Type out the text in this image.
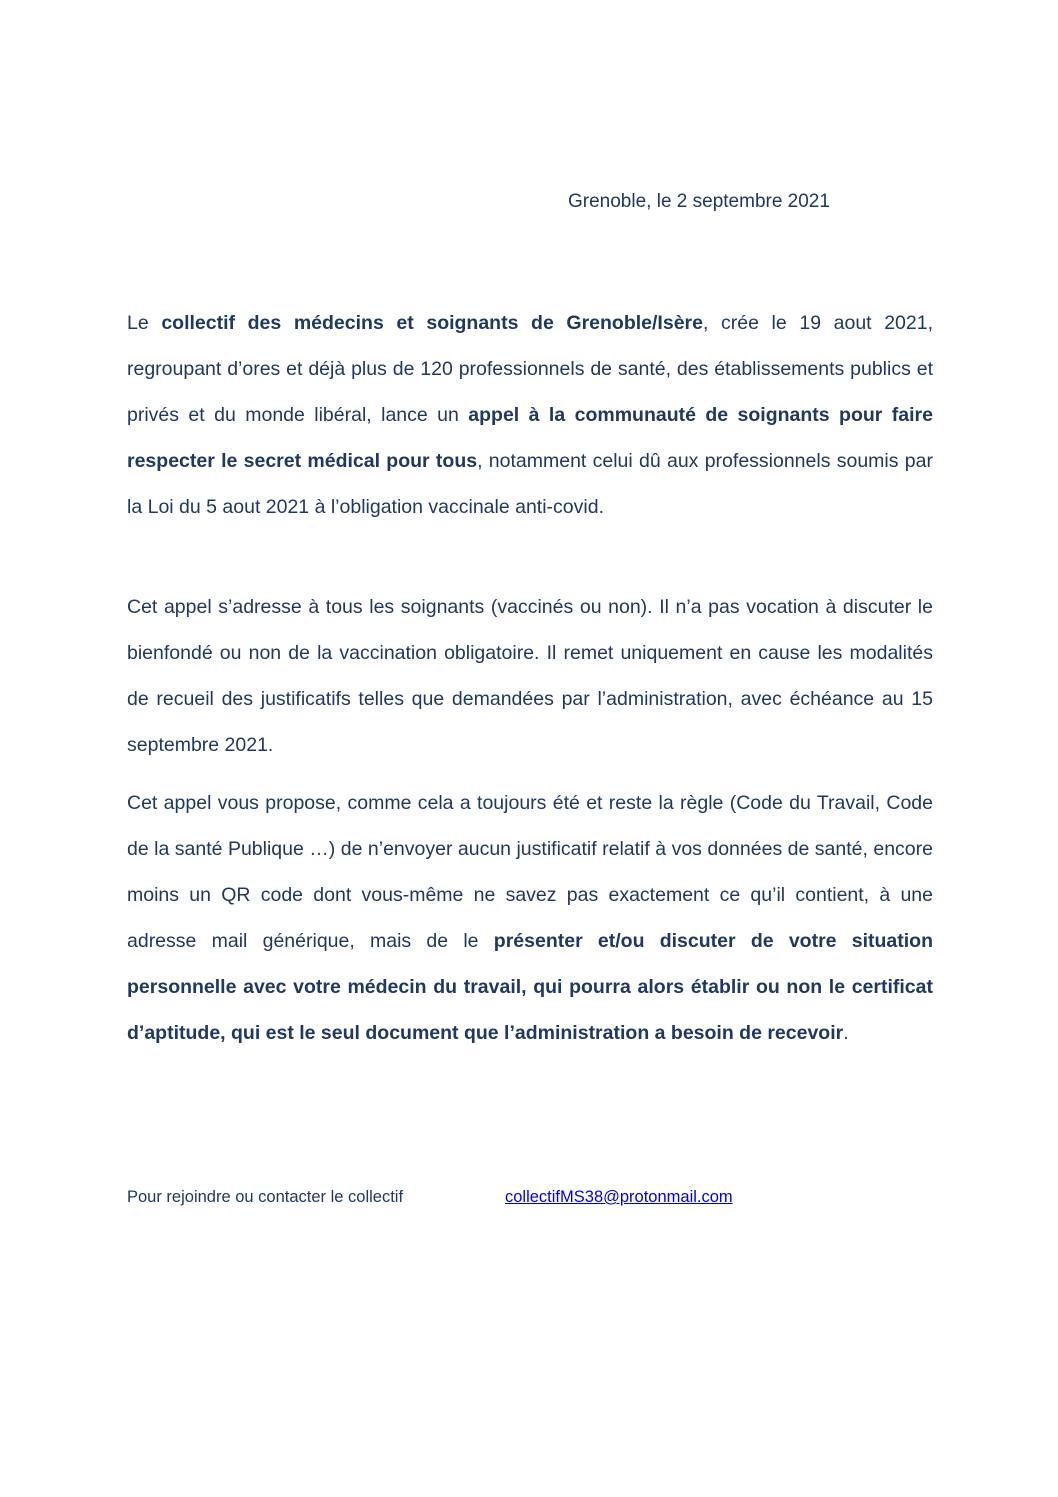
Grenoble, le 2 septembre 2021

Le collectif des médecins et soignants de Grenoble/Isère, crée le 19 aout 2021, regroupant d’ores et déjà plus de 120 professionnels de santé, des établissements publics et privés et du monde libéral, lance un appel à la communauté de soignants pour faire respecter le secret médical pour tous, notamment celui dû aux professionnels soumis par la Loi du 5 aout 2021 à l’obligation vaccinale anti-covid.

Cet appel s’adresse à tous les soignants (vaccinés ou non). Il n’a pas vocation à discuter le bienfondé ou non de la vaccination obligatoire. Il remet uniquement en cause les modalités de recueil des justificatifs telles que demandées par l’administration, avec échéance au 15 septembre 2021.

Cet appel vous propose, comme cela a toujours été et reste la règle (Code du Travail, Code de la santé Publique …) de n’envoyer aucun justificatif relatif à vos données de santé, encore moins un QR code dont vous-même ne savez pas exactement ce qu’il contient, à une adresse mail générique, mais de le présenter et/ou discuter de votre situation personnelle avec votre médecin du travail, qui pourra alors établir ou non le certificat d’aptitude, qui est le seul document que l’administration a besoin de recevoir.

Pour rejoindre ou contacter le collectif	collectifMS38@protonmail.com
